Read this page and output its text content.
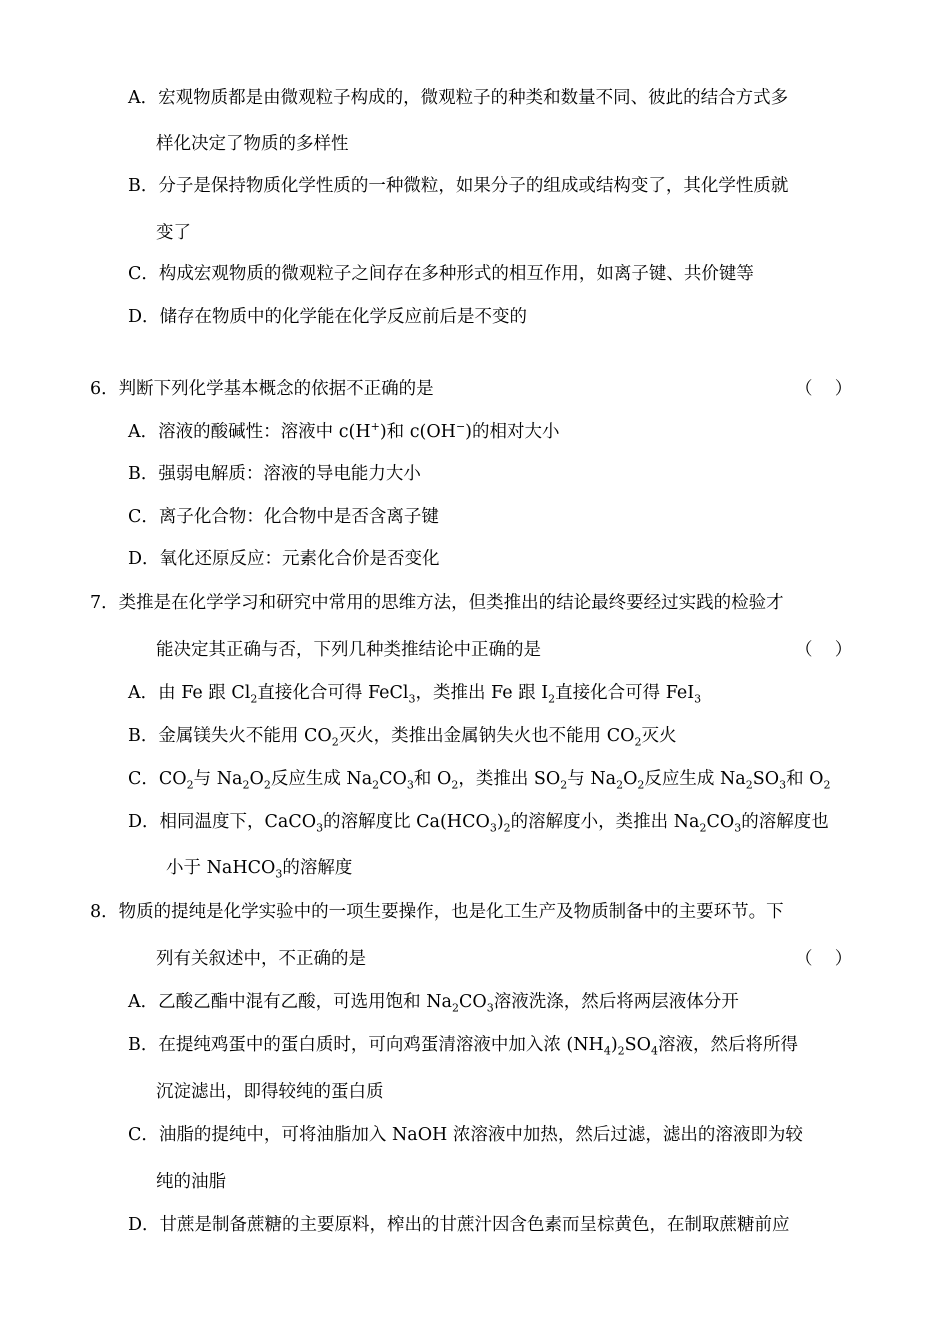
A．宏观物质都是由微观粒子构成的，微观粒子的种类和数量不同、彼此的结合方式多
样化决定了物质的多样性
B．分子是保持物质化学性质的一种微粒，如果分子的组成或结构变了，其化学性质就
变了
C．构成宏观物质的微观粒子之间存在多种形式的相互作用，如离子键、共价键等
D．储存在物质中的化学能在化学反应前后是不变的
6．判断下列化学基本概念的依据不正确的是	（    ）
A．溶液的酸碱性：溶液中 c(H+)和 c(OH−)的相对大小
B．强弱电解质：溶液的导电能力大小
C．离子化合物：化合物中是否含离子键
D．氧化还原反应：元素化合价是否变化
7．类推是在化学学习和研究中常用的思维方法，但类推出的结论最终要经过实践的检验才
能决定其正确与否，下列几种类推结论中正确的是	（    ）
A．由 Fe 跟 $Cl_2$直接化合可得 FeCl$_3$，类推出 Fe 跟 $I_2$直接化合可得 FeI$_3$
B．金属镁失火不能用 $CO_2$灭火，类推出金属钠失火也不能用 $CO_2$灭火
C．$CO_2$与 $Na_2O_2$反应生成 $Na_2CO_3$和 $O_2$，类推出 $SO_2$与 $Na_2O_2$反应生成 $Na_2SO_3$和 $O_2$
D．相同温度下，CaCO$_3$的溶解度比 $Ca(HCO_3)_2$的溶解度小，类推出 $Na_2CO_3$的溶解度也
小于 NaHCO$_3$的溶解度
8．物质的提纯是化学实验中的一项生要操作，也是化工生产及物质制备中的主要环节。下
列有关叙述中，不正确的是	（    ）
A．乙酸乙酯中混有乙酸，可选用饱和 $Na_2CO_3$溶液洗涤，然后将两层液体分开
B．在提纯鸡蛋中的蛋白质时，可向鸡蛋清溶液中加入浓 $(NH_4)_2SO_4$溶液，然后将所得
沉淀滤出，即得较纯的蛋白质
C．油脂的提纯中，可将油脂加入 NaOH 浓溶液中加热，然后过滤，滤出的溶液即为较
纯的油脂
D．甘蔗是制备蔗糖的主要原料，榨出的甘蔗汁因含色素而呈棕黄色，在制取蔗糖前应
